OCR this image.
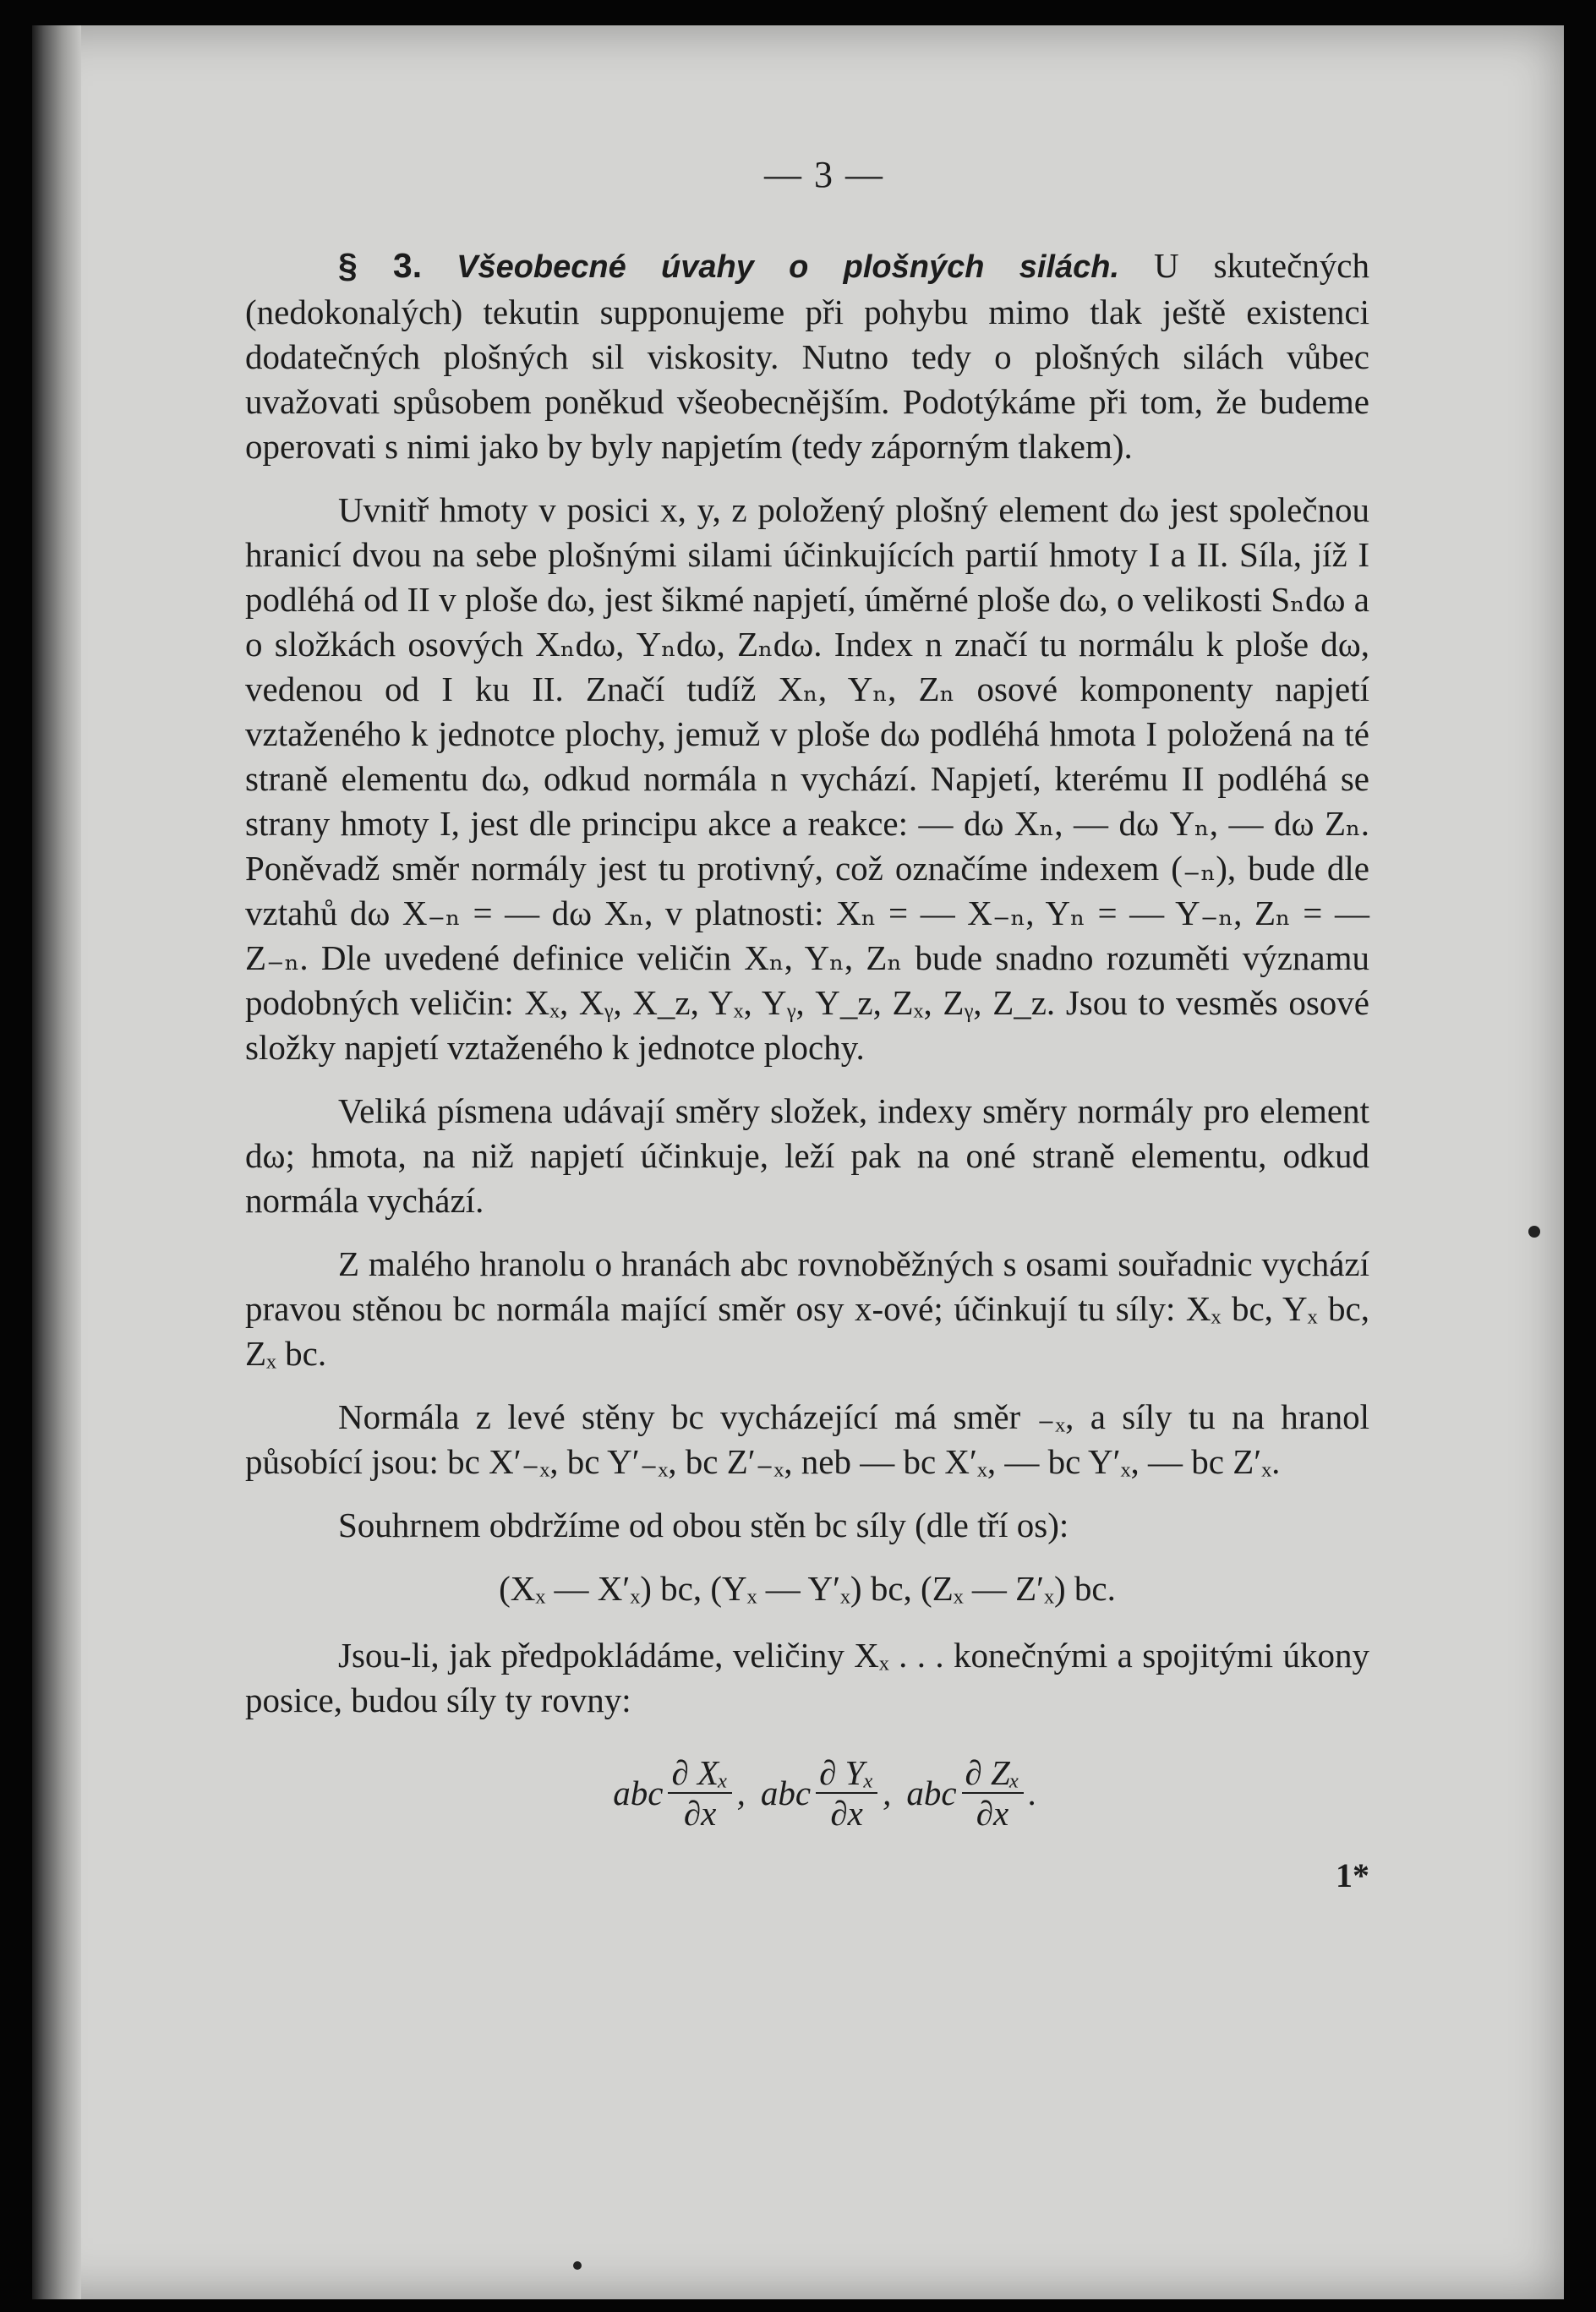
— 3 —

§ 3. Všeobecné úvahy o plošných silách. U skutečných (nedokonalých) tekutin supponujeme při pohybu mimo tlak ještě existenci dodatečných plošných sil viskosity. Nutno tedy o plošných silách vůbec uvažovati spůsobem poněkud všeobecnějším. Podotýkáme při tom, že budeme operovati s nimi jako by byly napjetím (tedy záporným tlakem).

Uvnitř hmoty v posici x, y, z položený plošný element dω jest společnou hranicí dvou na sebe plošnými silami účinkujících partií hmoty I a II. Síla, jíž I podléhá od II v ploše dω, jest šikmé napjetí, úměrné ploše dω, o velikosti Sₙdω a o složkách osových Xₙdω, Yₙdω, Zₙdω. Index n značí tu normálu k ploše dω, vedenou od I ku II. Značí tudíž Xₙ, Yₙ, Zₙ osové komponenty napjetí vztaženého k jednotce plochy, jemuž v ploše dω podléhá hmota I položená na té straně elementu dω, odkud normála n vychází. Napjetí, kterému II podléhá se strany hmoty I, jest dle principu akce a reakce: — dω Xₙ, — dω Yₙ, — dω Zₙ. Poněvadž směr normály jest tu protivný, což označíme indexem (₋ₙ), bude dle vztahů dω X₋ₙ = — dω Xₙ, v platnosti: Xₙ = — X₋ₙ, Yₙ = — Y₋ₙ, Zₙ = — Z₋ₙ. Dle uvedené definice veličin Xₙ, Yₙ, Zₙ bude snadno rozuměti významu podobných veličin: Xₓ, Xᵧ, X_z, Yₓ, Yᵧ, Y_z, Zₓ, Zᵧ, Z_z. Jsou to vesměs osové složky napjetí vztaženého k jednotce plochy.

Veliká písmena udávají směry složek, indexy směry normály pro element dω; hmota, na niž napjetí účinkuje, leží pak na oné straně elementu, odkud normála vychází.

Z malého hranolu o hranách abc rovnoběžných s osami souřadnic vychází pravou stěnou bc normála mající směr osy x-ové; účinkují tu síly: Xₓ bc, Yₓ bc, Zₓ bc.

Normála z levé stěny bc vycházející má směr ₋ₓ, a síly tu na hranol působící jsou: bc X′₋ₓ, bc Y′₋ₓ, bc Z′₋ₓ, neb — bc X′ₓ, — bc Y′ₓ, — bc Z′ₓ.

Souhrnem obdržíme od obou stěn bc síly (dle tří os):

(Xₓ — X′ₓ) bc, (Yₓ — Y′ₓ) bc, (Zₓ — Z′ₓ) bc.

Jsou-li, jak předpokládáme, veličiny Xₓ . . . konečnými a spojitými úkony posice, budou síly ty rovny:

abc $\frac{\text{∂ Xₓ}}{\partial x}$ , abc $\frac{\text{∂ Yₓ}}{\partial x}$ , abc $\frac{\text{∂ Zₓ}}{\partial x}$ .
1*
